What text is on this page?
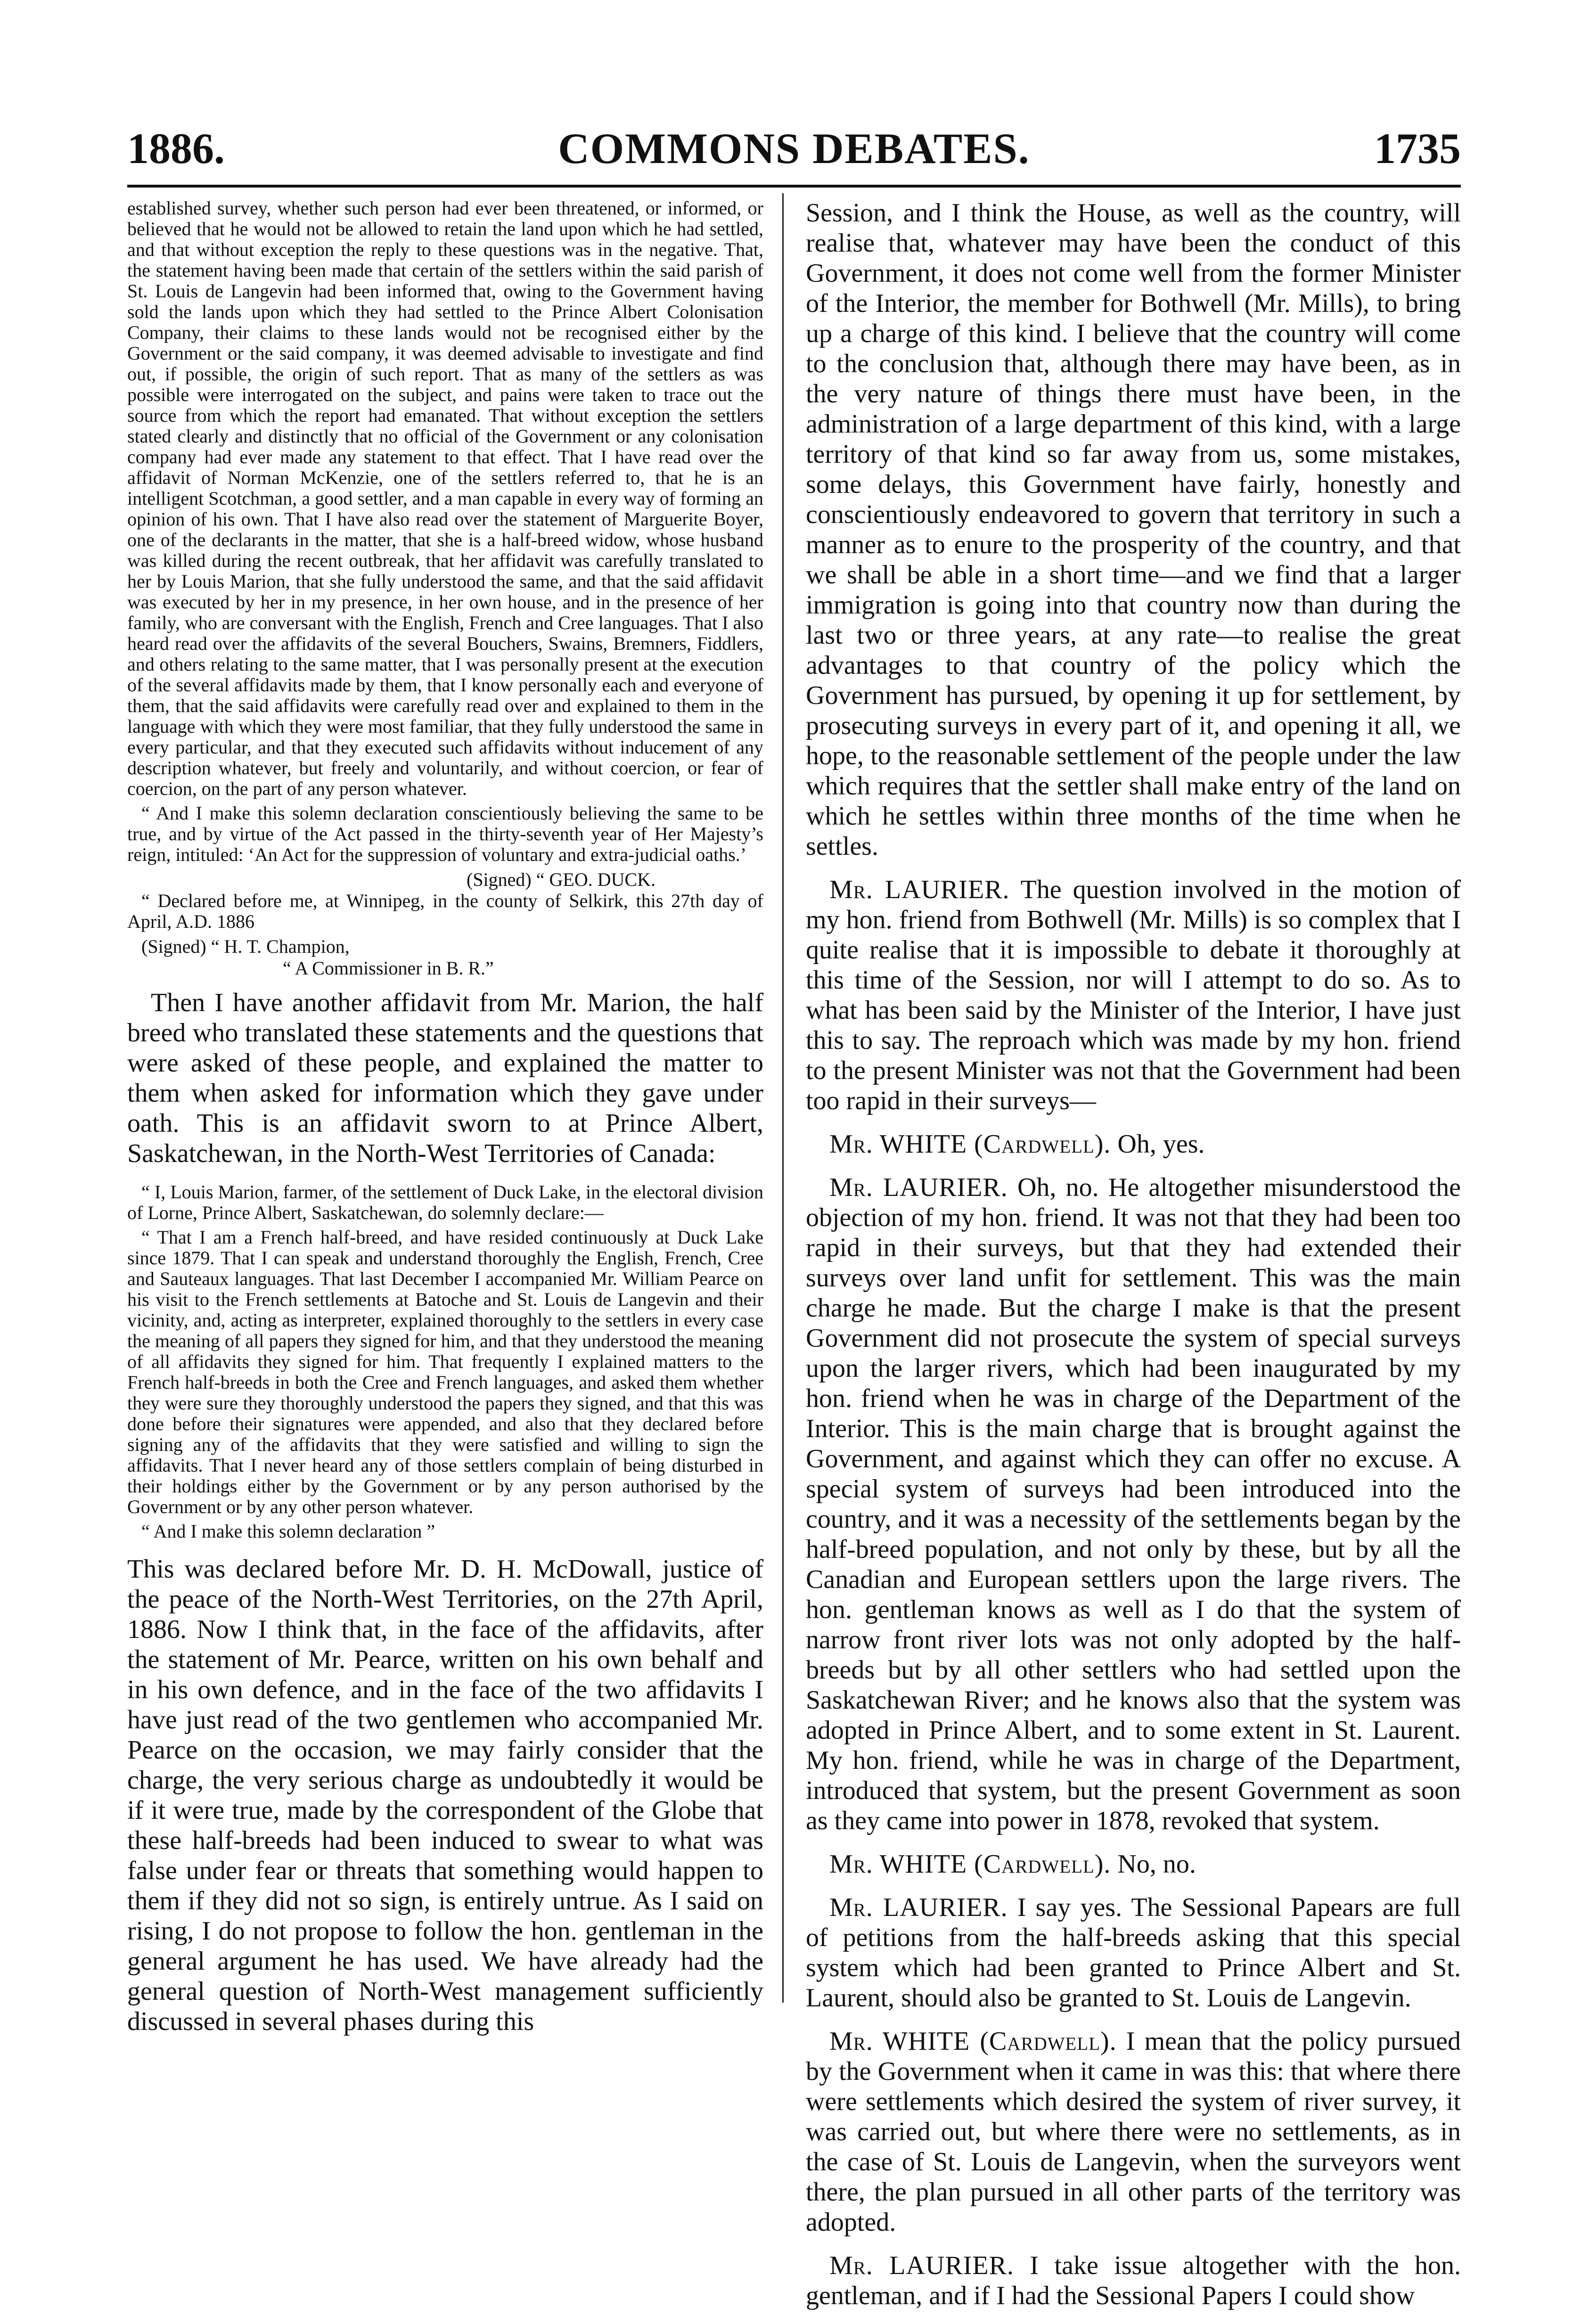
1886.	COMMONS DEBATES.	1735

established survey, whether such person had ever been threatened, or informed, or believed that he would not be allowed to retain the land upon which he had settled, and that without exception the reply to these questions was in the negative. That, the statement having been made that certain of the settlers within the said parish of St. Louis de Langevin had been informed that, owing to the Government having sold the lands upon which they had settled to the Prince Albert Colonisation Company, their claims to these lands would not be recognised either by the Government or the said company, it was deemed advisable to investigate and find out, if possible, the origin of such report. That as many of the settlers as was possible were interrogated on the subject, and pains were taken to trace out the source from which the report had emanated. That without exception the settlers stated clearly and distinctly that no official of the Government or any colonisation company had ever made any statement to that effect. That I have read over the affidavit of Norman McKenzie, one of the settlers referred to, that he is an intelligent Scotchman, a good settler, and a man capable in every way of forming an opinion of his own. That I have also read over the statement of Marguerite Boyer, one of the declarants in the matter, that she is a half-breed widow, whose husband was killed during the recent outbreak, that her affidavit was carefully translated to her by Louis Marion, that she fully understood the same, and that the said affidavit was executed by her in my presence, in her own house, and in the presence of her family, who are conversant with the English, French and Cree languages. That I also heard read over the affidavits of the several Bouchers, Swains, Bremners, Fiddlers, and others relating to the same matter, that I was personally present at the execution of the several affidavits made by them, that I know personally each and everyone of them, that the said affidavits were carefully read over and explained to them in the language with which they were most familiar, that they fully understood the same in every particular, and that they executed such affidavits without inducement of any description whatever, but freely and voluntarily, and without coercion, or fear of coercion, on the part of any person whatever.

“ And I make this solemn declaration conscientiously believing the same to be true, and by virtue of the Act passed in the thirty-seventh year of Her Majesty’s reign, intituled: ‘An Act for the suppression of voluntary and extra-judicial oaths.’

(Signed) “ GEO. DUCK.

“ Declared before me, at Winnipeg, in the county of Selkirk, this 27th day of April, A.D. 1886

(Signed) “ H. T. Champion,

“ A Commissioner in B. R.”

Then I have another affidavit from Mr. Marion, the half breed who translated these statements and the questions that were asked of these people, and explained the matter to them when asked for information which they gave under oath. This is an affidavit sworn to at Prince Albert, Saskatchewan, in the North-West Territories of Canada:

“ I, Louis Marion, farmer, of the settlement of Duck Lake, in the electoral division of Lorne, Prince Albert, Saskatchewan, do solemnly declare:—

“ That I am a French half-breed, and have resided continuously at Duck Lake since 1879. That I can speak and understand thoroughly the English, French, Cree and Sauteaux languages. That last December I accompanied Mr. William Pearce on his visit to the French settlements at Batoche and St. Louis de Langevin and their vicinity, and, acting as interpreter, explained thoroughly to the settlers in every case the meaning of all papers they signed for him, and that they understood the meaning of all affidavits they signed for him. That frequently I explained matters to the French half-breeds in both the Cree and French languages, and asked them whether they were sure they thoroughly understood the papers they signed, and that this was done before their signatures were appended, and also that they declared before signing any of the affidavits that they were satisfied and willing to sign the affidavits. That I never heard any of those settlers complain of being disturbed in their holdings either by the Government or by any person authorised by the Government or by any other person whatever.

“ And I make this solemn declaration ”

This was declared before Mr. D. H. McDowall, justice of the peace of the North-West Territories, on the 27th April, 1886. Now I think that, in the face of the affidavits, after the statement of Mr. Pearce, written on his own behalf and in his own defence, and in the face of the two affidavits I have just read of the two gentlemen who accompanied Mr. Pearce on the occasion, we may fairly consider that the charge, the very serious charge as undoubtedly it would be if it were true, made by the correspondent of the Globe that these half-breeds had been induced to swear to what was false under fear or threats that something would happen to them if they did not so sign, is entirely untrue. As I said on rising, I do not propose to follow the hon. gentleman in the general argument he has used. We have already had the general question of North-West management sufficiently discussed in several phases during this

Session, and I think the House, as well as the country, will realise that, whatever may have been the conduct of this Government, it does not come well from the former Minister of the Interior, the member for Bothwell (Mr. Mills), to bring up a charge of this kind. I believe that the country will come to the conclusion that, although there may have been, as in the very nature of things there must have been, in the administration of a large department of this kind, with a large territory of that kind so far away from us, some mistakes, some delays, this Government have fairly, honestly and conscientiously endeavored to govern that territory in such a manner as to enure to the prosperity of the country, and that we shall be able in a short time—and we find that a larger immigration is going into that country now than during the last two or three years, at any rate—to realise the great advantages to that country of the policy which the Government has pursued, by opening it up for settlement, by prosecuting surveys in every part of it, and opening it all, we hope, to the reasonable settlement of the people under the law which requires that the settler shall make entry of the land on which he settles within three months of the time when he settles.

Mr. LAURIER. The question involved in the motion of my hon. friend from Bothwell (Mr. Mills) is so complex that I quite realise that it is impossible to debate it thoroughly at this time of the Session, nor will I attempt to do so. As to what has been said by the Minister of the Interior, I have just this to say. The reproach which was made by my hon. friend to the present Minister was not that the Government had been too rapid in their surveys—

Mr. WHITE (Cardwell). Oh, yes.

Mr. LAURIER. Oh, no. He altogether misunderstood the objection of my hon. friend. It was not that they had been too rapid in their surveys, but that they had extended their surveys over land unfit for settlement. This was the main charge he made. But the charge I make is that the present Government did not prosecute the system of special surveys upon the larger rivers, which had been inaugurated by my hon. friend when he was in charge of the Department of the Interior. This is the main charge that is brought against the Government, and against which they can offer no excuse. A special system of surveys had been introduced into the country, and it was a necessity of the settlements began by the half-breed population, and not only by these, but by all the Canadian and European settlers upon the large rivers. The hon. gentleman knows as well as I do that the system of narrow front river lots was not only adopted by the half-breeds but by all other settlers who had settled upon the Saskatchewan River; and he knows also that the system was adopted in Prince Albert, and to some extent in St. Laurent. My hon. friend, while he was in charge of the Department, introduced that system, but the present Government as soon as they came into power in 1878, revoked that system.

Mr. WHITE (Cardwell). No, no.

Mr. LAURIER. I say yes. The Sessional Papears are full of petitions from the half-breeds asking that this special system which had been granted to Prince Albert and St. Laurent, should also be granted to St. Louis de Langevin.

Mr. WHITE (Cardwell). I mean that the policy pursued by the Government when it came in was this: that where there were settlements which desired the system of river survey, it was carried out, but where there were no settlements, as in the case of St. Louis de Langevin, when the surveyors went there, the plan pursued in all other parts of the territory was adopted.

Mr. LAURIER. I take issue altogether with the hon. gentleman, and if I had the Sessional Papers I could show
